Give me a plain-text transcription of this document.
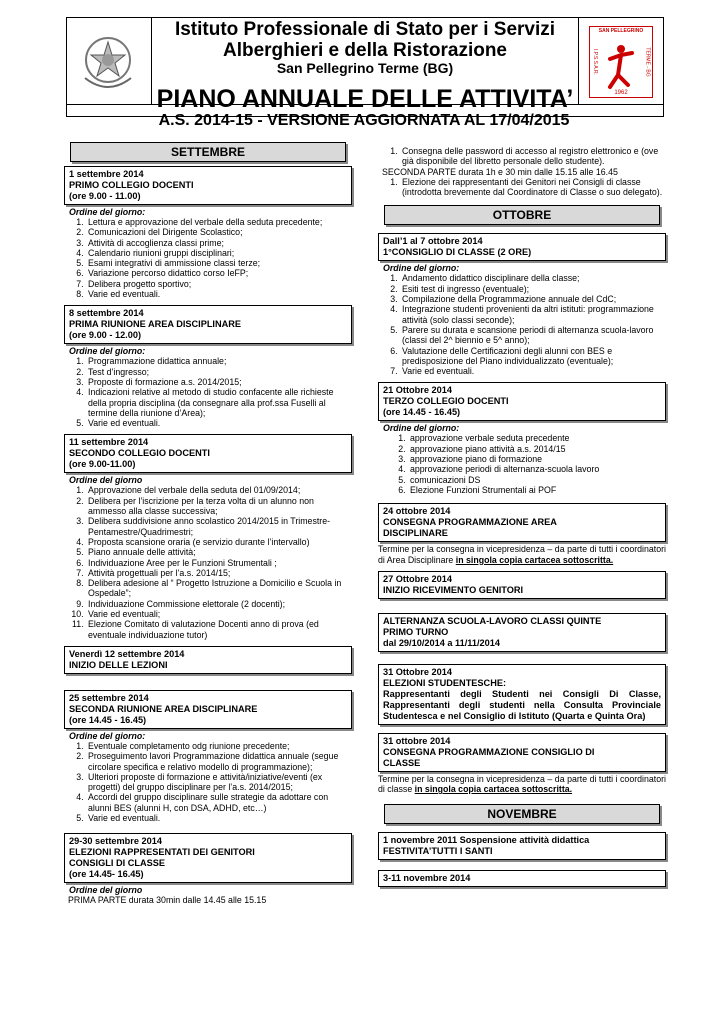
Istituto Professionale di Stato per i Servizi
Alberghieri e della Ristorazione
San Pellegrino Terme (BG)
SAN PELLEGRINO
I.P.S.S.A.R.	TERME - BG
1962
PIANO ANNUALE DELLE ATTIVITA’
A.S. 2014-15 - VERSIONE AGGIORNATA AL 17/04/2015
SETTEMBRE
1 settembre 2014
PRIMO COLLEGIO DOCENTI
(ore 9.00 - 11.00)
Ordine del giorno:
1. Lettura e approvazione del verbale della seduta precedente;
2. Comunicazioni del Dirigente Scolastico;
3. Attività di accoglienza classi prime;
4. Calendario riunioni gruppi disciplinari;
5. Esami integrativi di ammissione classi terze;
6. Variazione percorso didattico corso IeFP;
7. Delibera progetto sportivo;
8. Varie ed eventuali.
8 settembre 2014
PRIMA RIUNIONE AREA DISCIPLINARE
(ore 9.00 - 12.00)
Ordine del giorno:
1. Programmazione didattica annuale;
2. Test d’ingresso;
3. Proposte di formazione a.s. 2014/2015;
4. Indicazioni relative al metodo di studio confacente alle richieste della propria disciplina (da consegnare alla prof.ssa Fuselli al termine della riunione d’Area);
5. Varie ed eventuali.
11 settembre 2014
SECONDO COLLEGIO DOCENTI
(ore 9.00-11.00)
Ordine del giorno
1. Approvazione del verbale della seduta del 01/09/2014;
2. Delibera per l’iscrizione per la terza volta di un alunno non ammesso alla classe successiva;
3. Delibera suddivisione anno scolastico 2014/2015 in Trimestre-Pentamestre/Quadrimestri;
4. Proposta scansione oraria (e servizio durante l’intervallo)
5. Piano annuale delle attività;
6. Individuazione Aree per le Funzioni Strumentali ;
7. Attività progettuali per l’a.s. 2014/15;
8. Delibera adesione al “ Progetto Istruzione a Domicilio e Scuola in Ospedale”;
9. Individuazione Commissione elettorale (2 docenti);
10. Varie ed eventuali;
11. Elezione Comitato di valutazione Docenti anno di prova (ed eventuale individuazione tutor)
Venerdì 12 settembre 2014
INIZIO DELLE LEZIONI
25 settembre 2014
SECONDA RIUNIONE AREA DISCIPLINARE
(ore 14.45 - 16.45)
Ordine del giorno:
1. Eventuale completamento odg riunione precedente;
2. Proseguimento lavori Programmazione didattica annuale (segue circolare specifica e relativo modello di programmazione);
3. Ulteriori proposte di formazione e attività/iniziative/eventi (ex progetti) del gruppo disciplinare per l’a.s. 2014/2015;
4. Accordi del gruppo disciplinare sulle strategie da adottare con alunni BES (alunni H, con DSA, ADHD, etc…)
5. Varie ed eventuali.
29-30 settembre 2014
ELEZIONI RAPPRESENTATI DEI GENITORI
CONSIGLI DI CLASSE
(ore 14.45- 16.45)
Ordine del giorno
PRIMA PARTE durata 30min dalle 14.45 alle 15.15
1. Consegna delle password di accesso al registro elettronico e (ove già disponibile del libretto personale dello studente).
SECONDA PARTE durata 1h e 30 min dalle 15.15 alle 16.45
1. Elezione dei rappresentanti dei Genitori nei Consigli di classe (introdotta brevemente dal Coordinatore di Classe o suo delegato).
OTTOBRE
Dall’1 al 7 ottobre 2014
1°CONSIGLIO DI CLASSE (2 ORE)
Ordine del giorno:
1. Andamento didattico disciplinare della classe;
2. Esiti test di ingresso (eventuale);
3. Compilazione della Programmazione annuale del CdC;
4. Integrazione studenti provenienti da altri istituti: programmazione attività (solo classi seconde);
5. Parere su durata e scansione periodi di alternanza scuola-lavoro (classi del 2^ biennio e 5^ anno);
6. Valutazione delle Certificazioni degli alunni con BES e predisposizione del Piano individualizzato (eventuale);
7. Varie ed eventuali.
21 Ottobre 2014
TERZO COLLEGIO DOCENTI
(ore 14.45 - 16.45)
Ordine del giorno:
1. approvazione verbale seduta precedente
2. approvazione piano attività a.s. 2014/15
3. approvazione piano di formazione
4. approvazione periodi di alternanza-scuola lavoro
5. comunicazioni DS
6. Elezione Funzioni Strumentali ai POF
24 ottobre 2014
CONSEGNA PROGRAMMAZIONE AREA
DISCIPLINARE
Termine per la consegna in vicepresidenza – da parte di tutti i coordinatori di Area Disciplinare in singola copia cartacea sottoscritta.
27 Ottobre 2014
INIZIO RICEVIMENTO GENITORI
ALTERNANZA SCUOLA-LAVORO CLASSI QUINTE
PRIMO TURNO
dal 29/10/2014 a 11/11/2014
31 Ottobre 2014
ELEZIONI STUDENTESCHE:
Rappresentanti degli Studenti nei Consigli Di Classe, Rappresentanti degli studenti nella Consulta Provinciale Studentesca e nel Consiglio di Istituto (Quarta e Quinta Ora)
31 ottobre 2014
CONSEGNA PROGRAMMAZIONE CONSIGLIO DI
CLASSE
Termine per la consegna in vicepresidenza – da parte di tutti i coordinatori di classe in singola copia cartacea sottoscritta.
NOVEMBRE
1 novembre 2011 Sospensione attività didattica
FESTIVITA’TUTTI I SANTI
3-11 novembre 2014
